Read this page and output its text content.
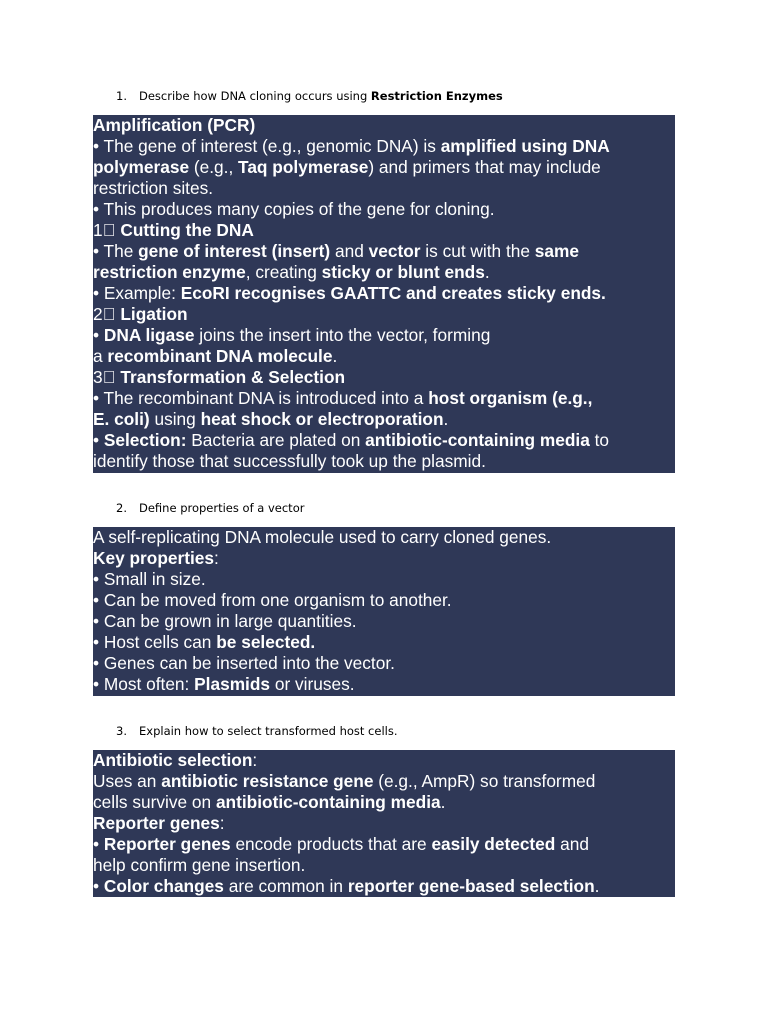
1. Describe how DNA cloning occurs using Restriction Enzymes
Amplification (PCR)
• The gene of interest (e.g., genomic DNA) is amplified using DNA
polymerase (e.g., Taq polymerase) and primers that may include
restriction sites.
• This produces many copies of the gene for cloning.
1⃣ Cutting the DNA
• The gene of interest (insert) and vector is cut with the same
restriction enzyme, creating sticky or blunt ends.
• Example: EcoRI recognises GAATTC and creates sticky ends.
2⃣ Ligation
• DNA ligase joins the insert into the vector, forming
a recombinant DNA molecule.
3⃣ Transformation & Selection
• The recombinant DNA is introduced into a host organism (e.g.,
E. coli) using heat shock or electroporation.
• Selection: Bacteria are plated on antibiotic-containing media to
identify those that successfully took up the plasmid.
2. Define properties of a vector
A self-replicating DNA molecule used to carry cloned genes.
Key properties:
• Small in size.
• Can be moved from one organism to another.
• Can be grown in large quantities.
• Host cells can be selected.
• Genes can be inserted into the vector.
• Most often: Plasmids or viruses.
3. Explain how to select transformed host cells.
Antibiotic selection:
Uses an antibiotic resistance gene (e.g., AmpR) so transformed
cells survive on antibiotic-containing media.
Reporter genes:
• Reporter genes encode products that are easily detected and
help confirm gene insertion.
• Color changes are common in reporter gene-based selection.
